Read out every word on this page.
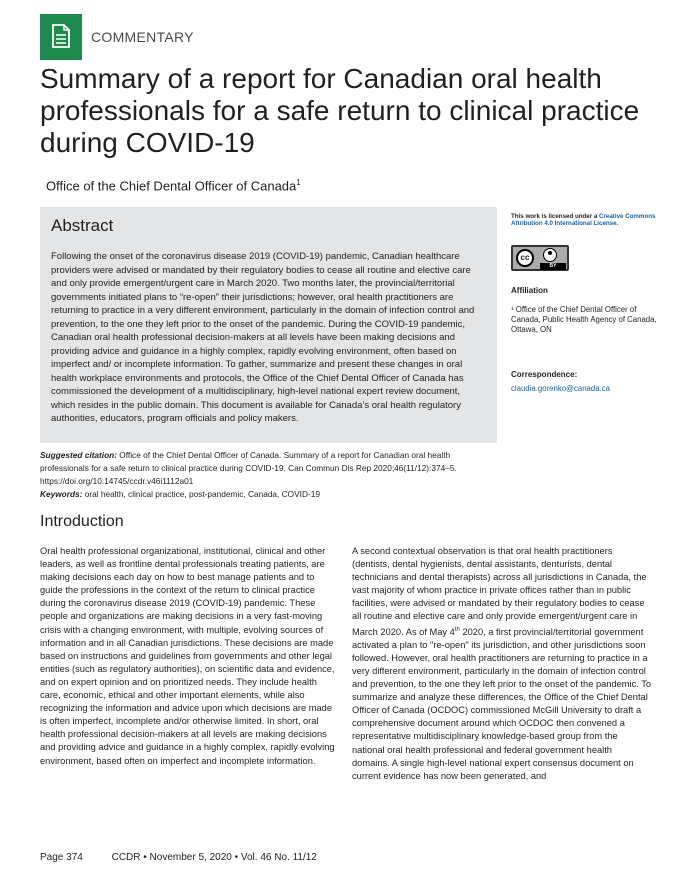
COMMENTARY
Summary of a report for Canadian oral health professionals for a safe return to clinical practice during COVID-19
Office of the Chief Dental Officer of Canada$^1$
Abstract

Following the onset of the coronavirus disease 2019 (COVID-19) pandemic, Canadian healthcare providers were advised or mandated by their regulatory bodies to cease all routine and elective care and only provide emergent/urgent care in March 2020. Two months later, the provincial/territorial governments initiated plans to “re-open” their jurisdictions; however, oral health practitioners are returning to practice in a very different environment, particularly in the domain of infection control and prevention, to the one they left prior to the onset of the pandemic. During the COVID-19 pandemic, Canadian oral health professional decision-makers at all levels have been making decisions and providing advice and guidance in a highly complex, rapidly evolving environment, often based on imperfect and/ or incomplete information. To gather, summarize and present these changes in oral health workplace environments and protocols, the Office of the Chief Dental Officer of Canada has commissioned the development of a multidisciplinary, high-level national expert review document, which resides in the public domain. This document is available for Canada’s oral health regulatory authorities, educators, program officials and policy makers.

Suggested citation: Office of the Chief Dental Officer of Canada. Summary of a report for Canadian oral health professionals for a safe return to clinical practice during COVID-19. Can Commun Dis Rep 2020;46(11/12):374–5. https://doi.org/10.14745/ccdr.v46i1112a01
Keywords: oral health, clinical practice, post-pandemic, Canada, COVID-19
This work is licensed under a Creative Commons Attribution 4.0 International License.
cc
BY
Affiliation
¹ Office of the Chief Dental Officer of Canada, Public Health Agency of Canada, Ottawa, ON
Correspondence:
claudia.gorenko@canada.ca
Introduction
Oral health professional organizational, institutional, clinical and other leaders, as well as frontline dental professionals treating patients, are making decisions each day on how to best manage patients and to guide the professions in the context of the return to clinical practice during the coronavirus disease 2019 (COVID-19) pandemic. These people and organizations are making decisions in a very fast-moving crisis with a changing environment, with multiple, evolving sources of information and in all Canadian jurisdictions. These decisions are made based on instructions and guidelines from governments and other legal entities (such as regulatory authorities), on scientific data and evidence, and on expert opinion and on prioritized needs. They include health care, economic, ethical and other important elements, while also recognizing the information and advice upon which decisions are made is often imperfect, incomplete and/or otherwise limited. In short, oral health professional decision-makers at all levels are making decisions and providing advice and guidance in a highly complex, rapidly evolving environment, based often on imperfect and incomplete information.
A second contextual observation is that oral health practitioners (dentists, dental hygienists, dental assistants, denturists, dental technicians and dental therapists) across all jurisdictions in Canada, the vast majority of whom practice in private offices rather than in public facilities, were advised or mandated by their regulatory bodies to cease all routine and elective care and only provide emergent/urgent care in March 2020. As of May 4th 2020, a first provincial/territorial government activated a plan to "re-open" its jurisdiction, and other jurisdictions soon followed. However, oral health practitioners are returning to practice in a very different environment, particularly in the domain of infection control and prevention, to the one they left prior to the onset of the pandemic. To summarize and analyze these differences, the Office of the Chief Dental Officer of Canada (OCDOC) commissioned McGill University to draft a comprehensive document around which OCDOC then convened a representative multidisciplinary knowledge-based group from the national oral health professional and federal government health domains. A single high-level national expert consensus document on current evidence has now been generated, and
Page 374	CCDR • November 5, 2020 • Vol. 46 No. 11/12
